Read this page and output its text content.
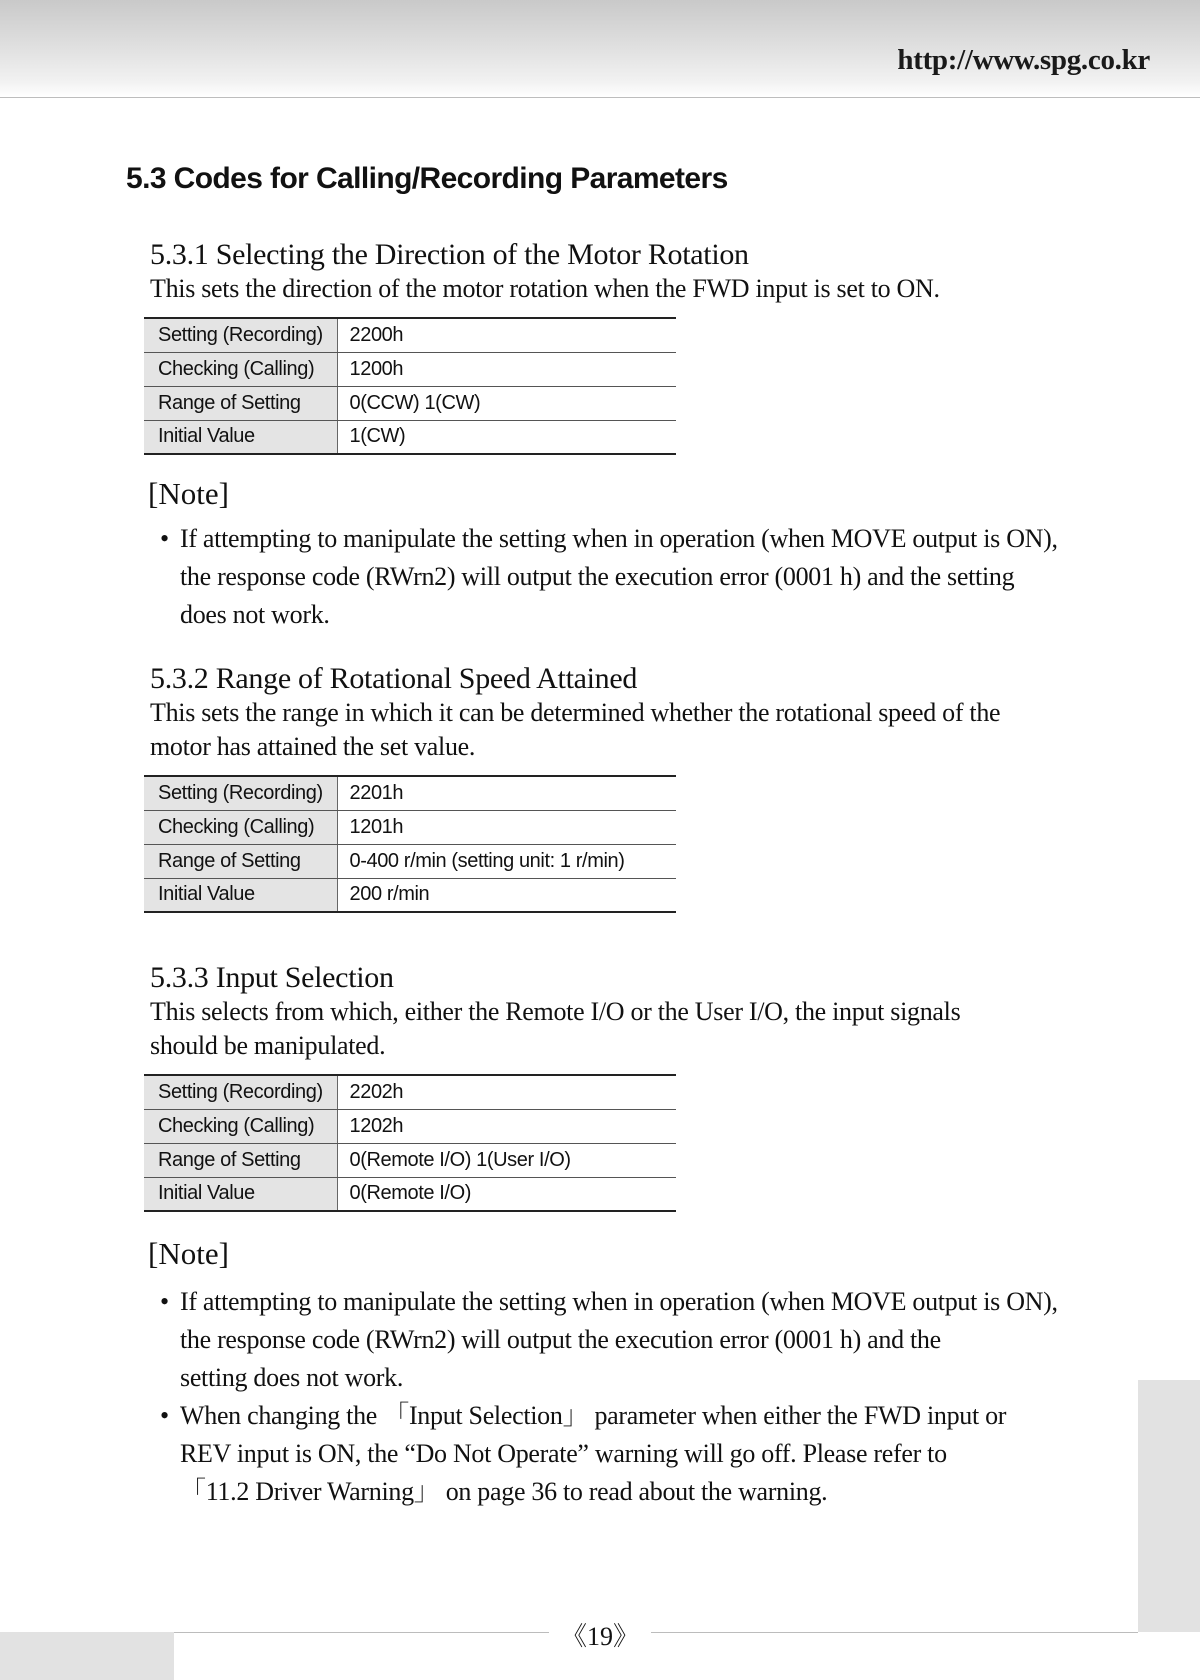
http://www.spg.co.kr
5.3 Codes for Calling/Recording Parameters
5.3.1 Selecting the Direction of the Motor Rotation
This sets the direction of the motor rotation when the FWD input is set to ON.
Setting (Recording)	2200h
Checking (Calling)	1200h
Range of Setting	0(CCW) 1(CW)
Initial Value	1(CW)
[Note]
• If attempting to manipulate the setting when in operation (when MOVE output is ON),
the response code (RWrn2) will output the execution error (0001 h) and the setting
does not work.
5.3.2 Range of Rotational Speed Attained
This sets the range in which it can be determined whether the rotational speed of the
motor has attained the set value.
Setting (Recording)	2201h
Checking (Calling)	1201h
Range of Setting	0-400 r/min (setting unit: 1 r/min)
Initial Value	200 r/min
5.3.3 Input Selection
This selects from which, either the Remote I/O or the User I/O, the input signals
should be manipulated.
Setting (Recording)	2202h
Checking (Calling)	1202h
Range of Setting	0(Remote I/O) 1(User I/O)
Initial Value	0(Remote I/O)
[Note]
• If attempting to manipulate the setting when in operation (when MOVE output is ON),
the response code (RWrn2) will output the execution error (0001 h) and the
setting does not work.
• When changing the 「Input Selection」 parameter when either the FWD input or
REV input is ON, the “Do Not Operate” warning will go off. Please refer to
「11.2 Driver Warning」 on page 36 to read about the warning.
《19》
